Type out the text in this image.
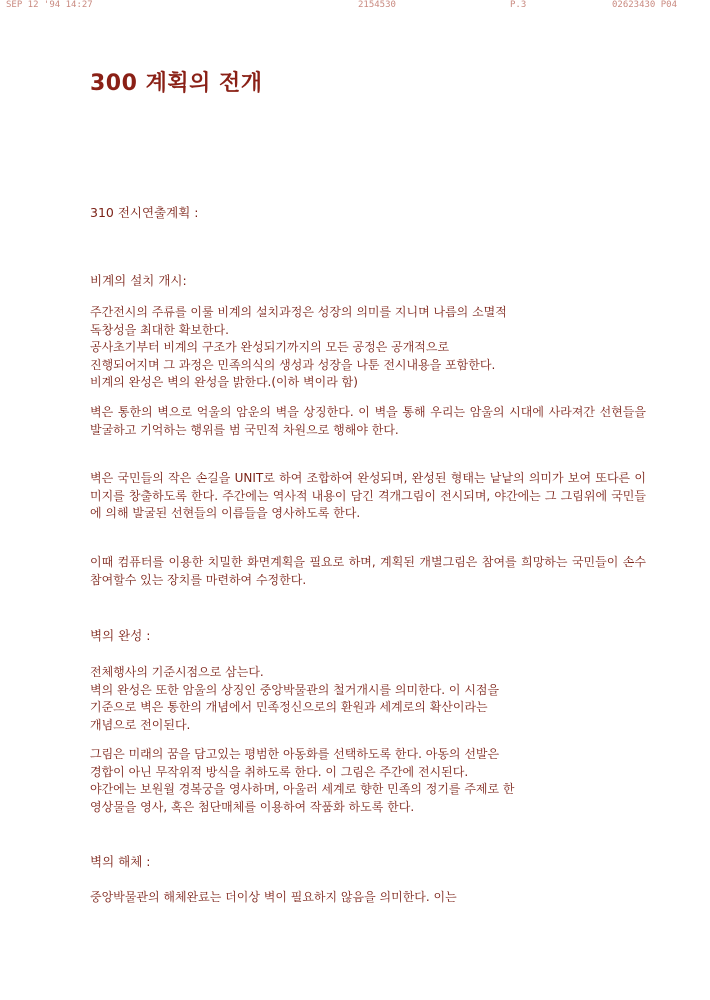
SEP 12 '94 14:27	2154530	P.3	02623430 P04
300 계획의 전개
310 전시연출계획 :
비계의 설치 개시:

주간전시의 주류를 이룰 비계의 설치과정은 성장의 의미를 지니며 나름의 소멸적

독창성을 최대한 확보한다.

공사초기부터 비계의 구조가 완성되기까지의 모든 공정은 공개적으로

진행되어지며 그 과정은 민족의식의 생성과 성장을 나툰 전시내용을 포함한다.

비계의 완성은 벽의 완성을 밝한다.(이하 벽이라 함)

벽은 통한의 벽으로 억울의 암운의 벽을 상징한다. 이 벽을 통해 우리는 암울의 시대에 사라져간 선현들을 발굴하고 기억하는 행위를 범 국민적 차원으로 행해야 한다.
벽은 국민들의 작은 손길을 UNIT로 하여 조합하여 완성되며, 완성된 형태는 낱낱의 의미가 보여 또다른 이미지를 창출하도록 한다. 주간에는 역사적 내용이 담긴 격개그림이 전시되며, 야간에는 그 그림위에 국민들에 의해 발굴된 선현들의 이름들을 영사하도록 한다.
이때 컴퓨터를 이용한 치밀한 화면계획을 필요로 하며, 계획된 개별그림은 참여를 희망하는 국민들이 손수 참여할수 있는 장치를 마련하여 수정한다.
벽의 완성 :

전체행사의 기준시점으로 삼는다.

벽의 완성은 또한 암울의 상징인 중앙박물관의 철거개시를 의미한다. 이 시점을

기준으로 벽은 통한의 개념에서 민족정신으로의 환원과 세계로의 확산이라는

개념으로 전이된다.

그림은 미래의 꿈을 담고있는 평범한 아동화를 선택하도록 한다. 아동의 선발은

경합이 아닌 무작위적 방식을 취하도록 한다. 이 그림은 주간에 전시된다.

야간에는 보원월 경복궁을 영사하며, 아울러 세계로 향한 민족의 정기를 주제로 한

영상물을 영사, 혹은 첨단매체를 이용하여 작품화 하도록 한다.

벽의 해체 :
중앙박물관의 해체완료는 더이상 벽이 필요하지 않음을 의미한다. 이는
